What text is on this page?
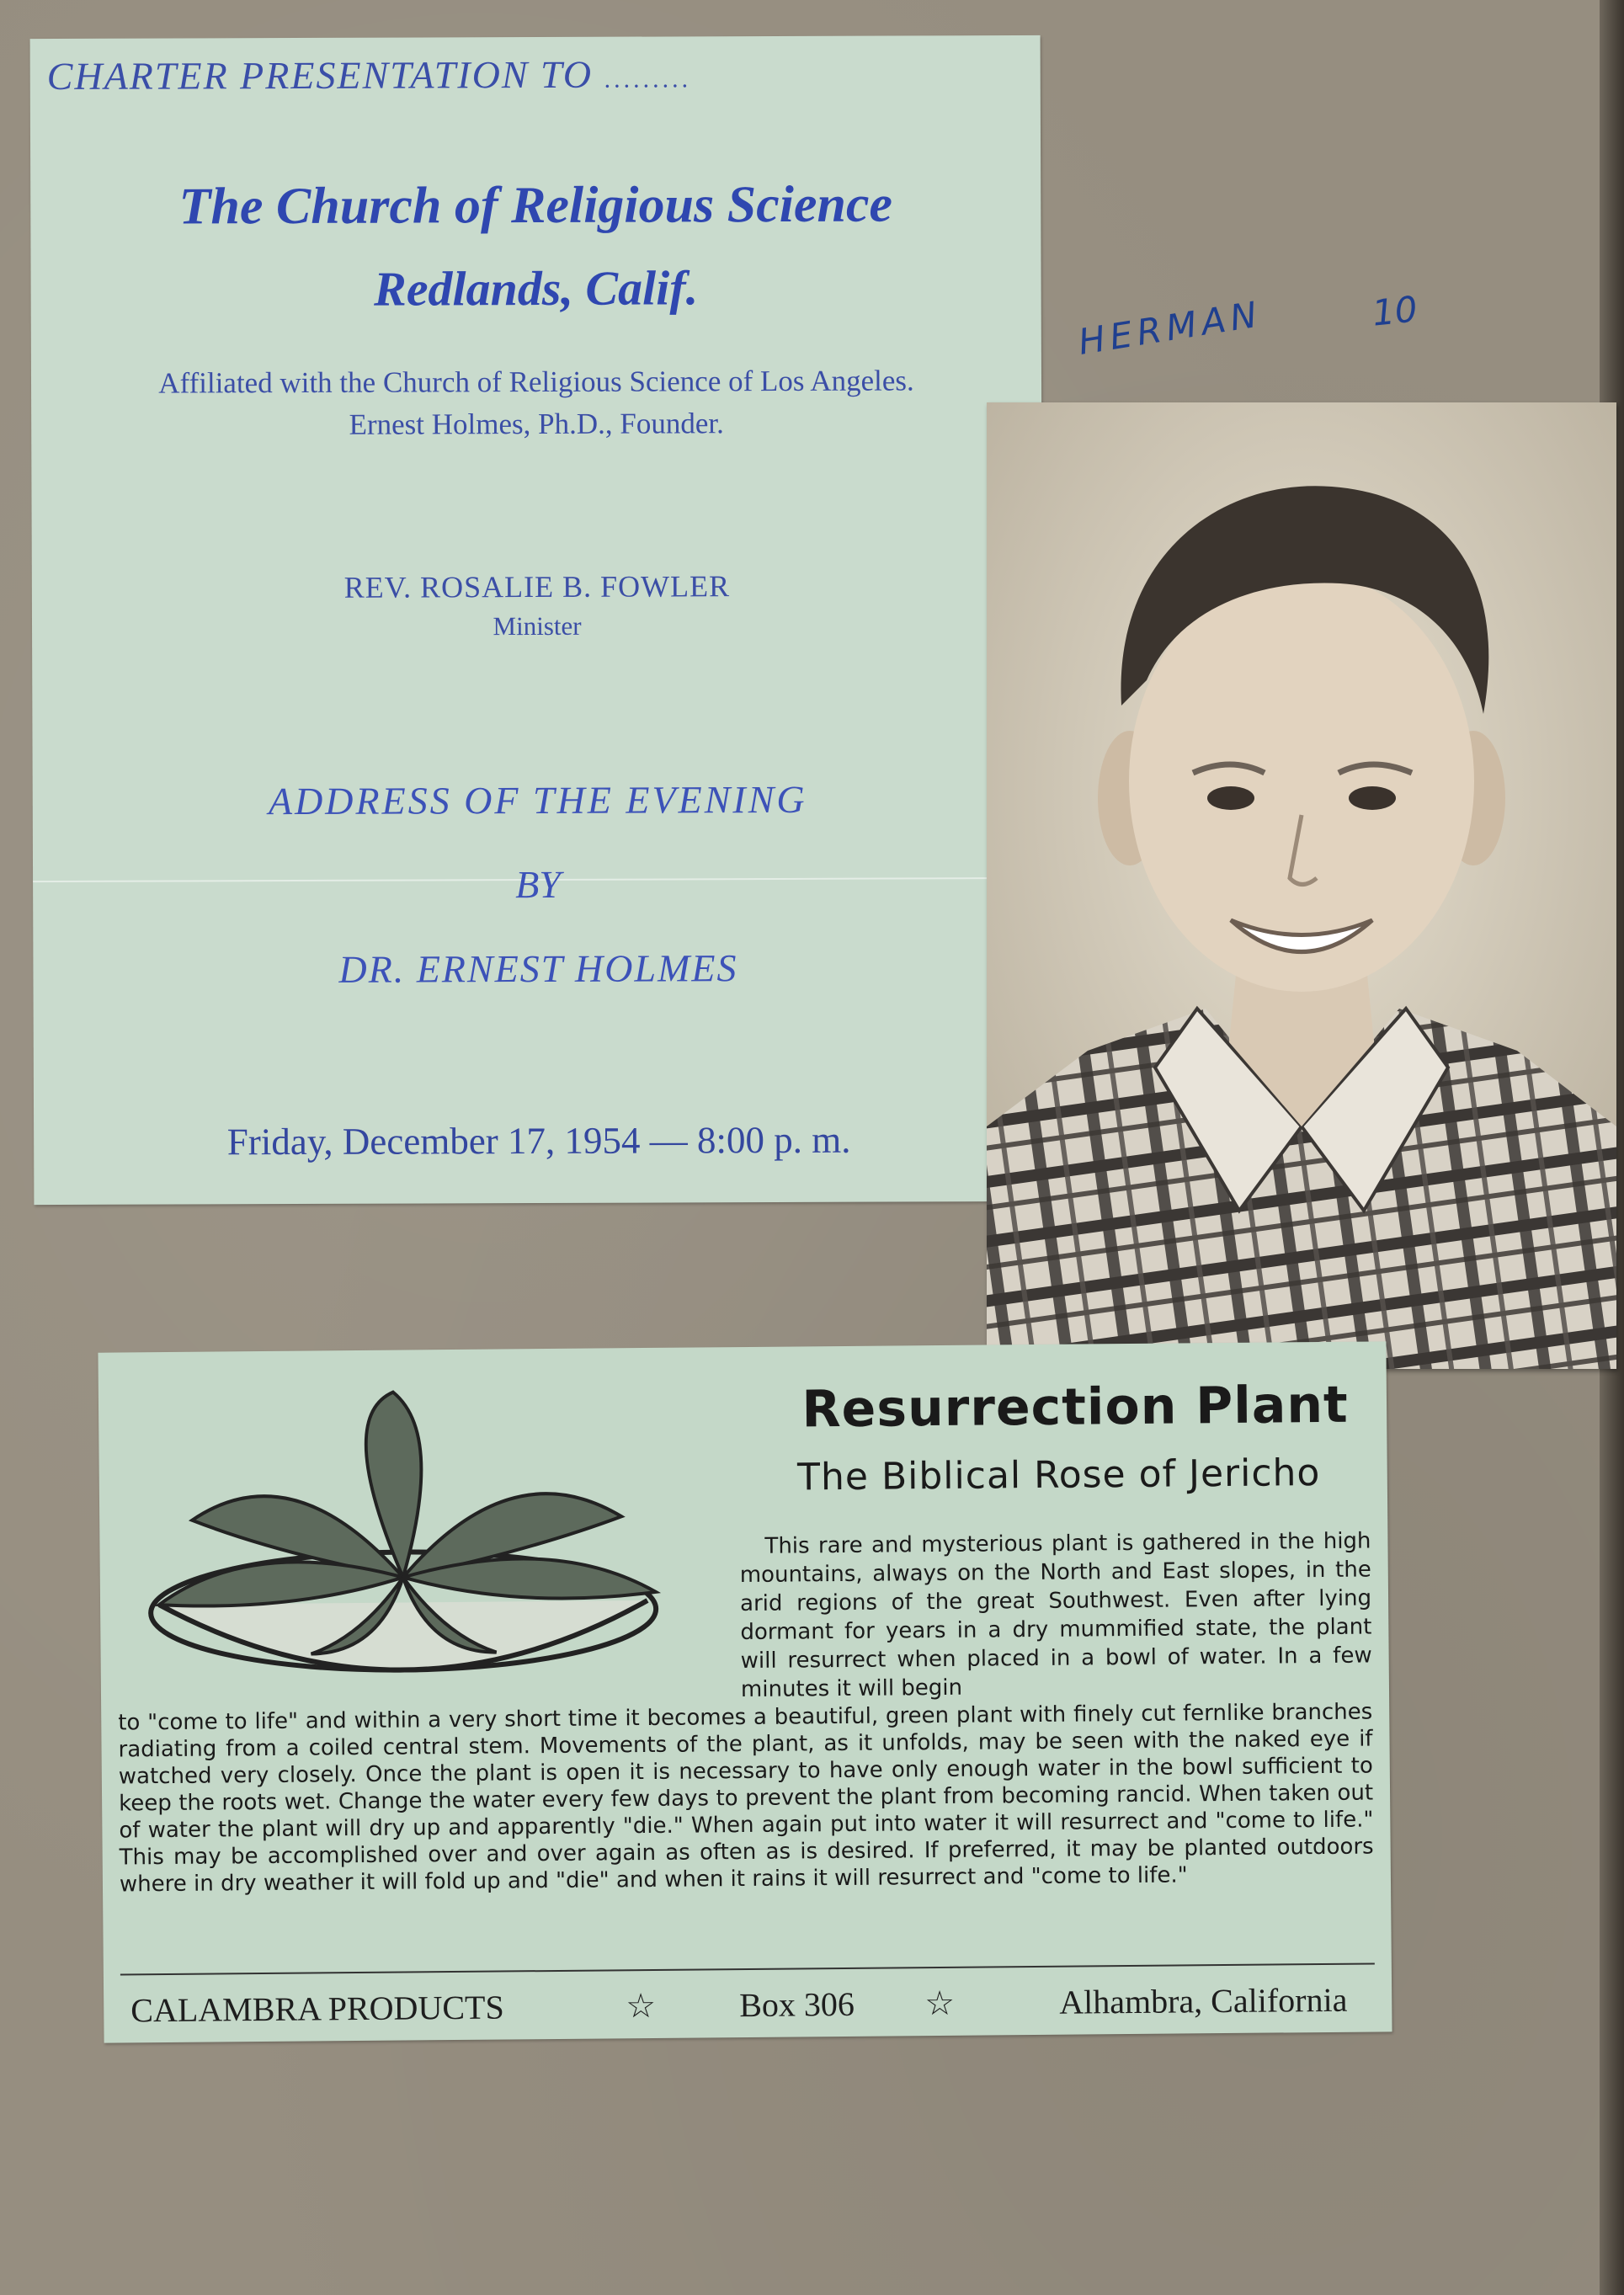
CHARTER PRESENTATION TO .........
The Church of Religious Science
Redlands, Calif.
Affiliated with the Church of Religious Science of Los Angeles.
Ernest Holmes, Ph.D., Founder.
REV. ROSALIE B. FOWLER
Minister
ADDRESS OF THE EVENING
BY
DR. ERNEST HOLMES
Friday, December 17, 1954 — 8:00 p. m.
HERMAN	10
Resurrection Plant
The Biblical Rose of Jericho
This rare and mysterious plant is gathered in the high mountains, always on the North and East slopes, in the arid regions of the great Southwest. Even after lying dormant for years in a dry mummified state, the plant will resurrect when placed in a bowl of water. In a few minutes it will begin
to "come to life" and within a very short time it becomes a beautiful, green plant with finely cut fernlike branches radiating from a coiled central stem. Movements of the plant, as it unfolds, may be seen with the naked eye if watched very closely. Once the plant is open it is necessary to have only enough water in the bowl sufficient to keep the roots wet. Change the water every few days to prevent the plant from becoming rancid. When taken out of water the plant will dry up and apparently "die." When again put into water it will resurrect and "come to life." This may be accomplished over and over again as often as is desired. If preferred, it may be planted outdoors where in dry weather it will fold up and "die" and when it rains it will resurrect and "come to life."
CALAMBRA PRODUCTS	☆ Box 306 ☆	Alhambra, California
